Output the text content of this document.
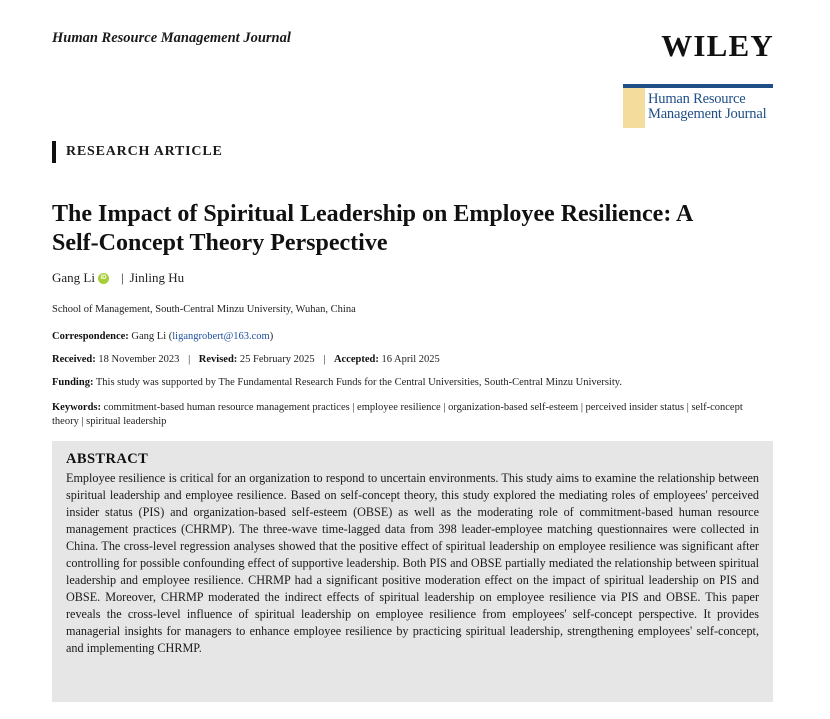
Human Resource Management Journal	WILEY
Human Resource
Management Journal
RESEARCH ARTICLE
The Impact of Spiritual Leadership on Employee Resilience: A Self-Concept Theory Perspective
Gang Li iD | Jinling Hu
School of Management, South-Central Minzu University, Wuhan, China
Correspondence: Gang Li (ligangrobert@163.com)
Received: 18 November 2023 | Revised: 25 February 2025 | Accepted: 16 April 2025
Funding: This study was supported by The Fundamental Research Funds for the Central Universities, South-Central Minzu University.
Keywords: commitment-based human resource management practices | employee resilience | organization-based self-esteem | perceived insider status | self-concept theory | spiritual leadership
ABSTRACT

Employee resilience is critical for an organization to respond to uncertain environments. This study aims to examine the relationship between spiritual leadership and employee resilience. Based on self-concept theory, this study explored the mediating roles of employees' perceived insider status (PIS) and organization-based self-esteem (OBSE) as well as the moderating role of commitment-based human resource management practices (CHRMP). The three-wave time-lagged data from 398 leader-employee matching questionnaires were collected in China. The cross-level regression analyses showed that the positive effect of spiritual leadership on employee resilience was significant after controlling for possible confounding effect of supportive leadership. Both PIS and OBSE partially mediated the relationship between spiritual leadership and employee resilience. CHRMP had a significant positive moderation effect on the impact of spiritual leadership on PIS and OBSE. Moreover, CHRMP moderated the indirect effects of spiritual leadership on employee resilience via PIS and OBSE. This paper reveals the cross-level influence of spiritual leadership on employee resilience from employees' self-concept perspective. It provides managerial insights for managers to enhance employee resilience by practicing spiritual leadership, strengthening employees' self-concept, and implementing CHRMP.
